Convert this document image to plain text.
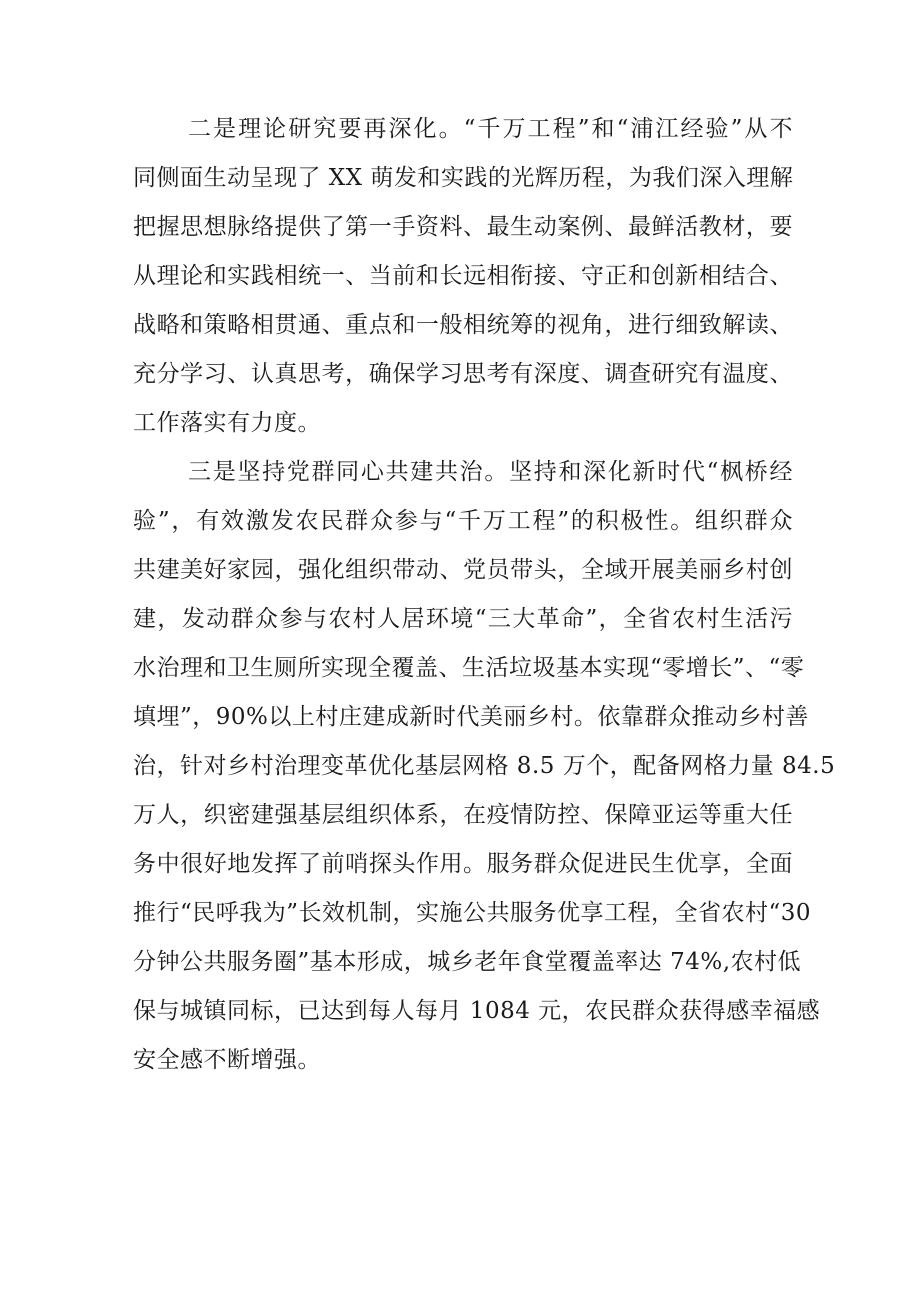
二是理论研究要再深化。“千万工程”和“浦江经验”从不
同侧面生动呈现了 XX 萌发和实践的光辉历程，为我们深入理解
把握思想脉络提供了第一手资料、最生动案例、最鲜活教材，要
从理论和实践相统一、当前和长远相衔接、守正和创新相结合、
战略和策略相贯通、重点和一般相统筹的视角，进行细致解读、
充分学习、认真思考，确保学习思考有深度、调查研究有温度、
工作落实有力度。
三是坚持党群同心共建共治。坚持和深化新时代“枫桥经
验”，有效激发农民群众参与“千万工程”的积极性。组织群众
共建美好家园，强化组织带动、党员带头，全域开展美丽乡村创
建，发动群众参与农村人居环境“三大革命”，全省农村生活污
水治理和卫生厕所实现全覆盖、生活垃圾基本实现“零增长”、“零
填埋”，90%以上村庄建成新时代美丽乡村。依靠群众推动乡村善
治，针对乡村治理变革优化基层网格 8.5 万个，配备网格力量 84.5
万人，织密建强基层组织体系，在疫情防控、保障亚运等重大任
务中很好地发挥了前哨探头作用。服务群众促进民生优享，全面
推行“民呼我为”长效机制，实施公共服务优享工程，全省农村“30
分钟公共服务圈”基本形成，城乡老年食堂覆盖率达 74%,农村低
保与城镇同标，已达到每人每月 1084 元，农民群众获得感幸福感
安全感不断增强。
